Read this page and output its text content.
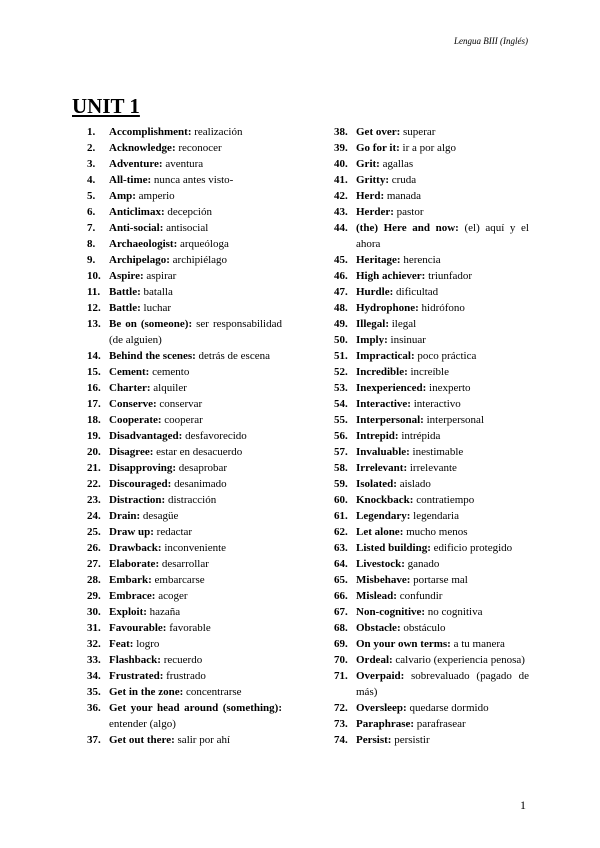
Lengua BIII (Inglés)
UNIT 1
1. Accomplishment: realización
2. Acknowledge: reconocer
3. Adventure: aventura
4. All-time: nunca antes visto-
5. Amp: amperio
6. Anticlimax: decepción
7. Anti-social: antisocial
8. Archaeologist: arqueóloga
9. Archipelago: archipiélago
10. Aspire: aspirar
11. Battle: batalla
12. Battle: luchar
13. Be on (someone): ser responsabilidad (de alguien)
14. Behind the scenes: detrás de escena
15. Cement: cemento
16. Charter: alquiler
17. Conserve: conservar
18. Cooperate: cooperar
19. Disadvantaged: desfavorecido
20. Disagree: estar en desacuerdo
21. Disapproving: desaprobar
22. Discouraged: desanimado
23. Distraction: distracción
24. Drain: desagüe
25. Draw up: redactar
26. Drawback: inconveniente
27. Elaborate: desarrollar
28. Embark: embarcarse
29. Embrace: acoger
30. Exploit: hazaña
31. Favourable: favorable
32. Feat: logro
33. Flashback: recuerdo
34. Frustrated: frustrado
35. Get in the zone: concentrarse
36. Get your head around (something): entender (algo)
37. Get out there: salir por ahí
38. Get over: superar
39. Go for it: ir a por algo
40. Grit: agallas
41. Gritty: cruda
42. Herd: manada
43. Herder: pastor
44. (the) Here and now: (el) aquí y el ahora
45. Heritage: herencia
46. High achiever: triunfador
47. Hurdle: dificultad
48. Hydrophone: hidrófono
49. Illegal: ilegal
50. Imply: insinuar
51. Impractical: poco práctica
52. Incredible: increíble
53. Inexperienced: inexperto
54. Interactive: interactivo
55. Interpersonal: interpersonal
56. Intrepid: intrépida
57. Invaluable: inestimable
58. Irrelevant: irrelevante
59. Isolated: aislado
60. Knockback: contratiempo
61. Legendary: legendaria
62. Let alone: mucho menos
63. Listed building: edificio protegido
64. Livestock: ganado
65. Misbehave: portarse mal
66. Mislead: confundir
67. Non-cognitive: no cognitiva
68. Obstacle: obstáculo
69. On your own terms: a tu manera
70. Ordeal: calvario (experiencia penosa)
71. Overpaid: sobrevaluado (pagado de más)
72. Oversleep: quedarse dormido
73. Paraphrase: parafrasear
74. Persist: persistir
1
